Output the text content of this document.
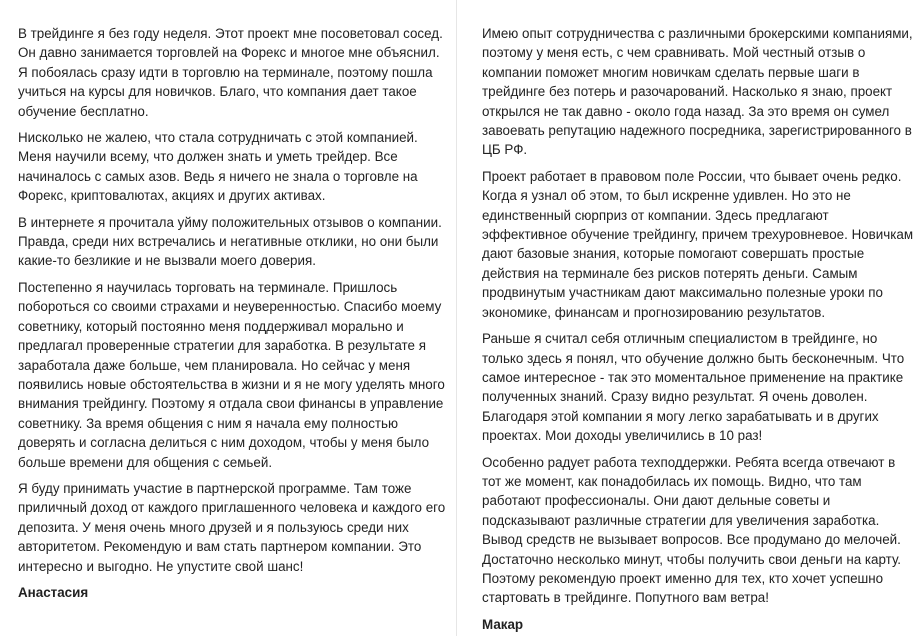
В трейдинге я без году неделя. Этот проект мне посоветовал сосед. Он давно занимается торговлей на Форекс и многое мне объяснил. Я побоялась сразу идти в торговлю на терминале, поэтому пошла учиться на курсы для новичков. Благо, что компания дает такое обучение бесплатно.

Нисколько не жалею, что стала сотрудничать с этой компанией. Меня научили всему, что должен знать и уметь трейдер. Все начиналось с самых азов. Ведь я ничего не знала о торговле на Форекс, криптовалютах, акциях и других активах.

В интернете я прочитала уйму положительных отзывов о компании. Правда, среди них встречались и негативные отклики, но они были какие-то безликие и не вызвали моего доверия.

Постепенно я научилась торговать на терминале. Пришлось побороться со своими страхами и неуверенностью. Спасибо моему советнику, который постоянно меня поддерживал морально и предлагал проверенные стратегии для заработка. В результате я заработала даже больше, чем планировала. Но сейчас у меня появились новые обстоятельства в жизни и я не могу уделять много внимания трейдингу. Поэтому я отдала свои финансы в управление советнику. За время общения с ним я начала ему полностью доверять и согласна делиться с ним доходом, чтобы у меня было больше времени для общения с семьей.

Я буду принимать участие в партнерской программе. Там тоже приличный доход от каждого приглашенного человека и каждого его депозита. У меня очень много друзей и я пользуюсь среди них авторитетом. Рекомендую и вам стать партнером компании. Это интересно и выгодно. Не упустите свой шанс!

Анастасия

Имею опыт сотрудничества с различными брокерскими компаниями, поэтому у меня есть, с чем сравнивать. Мой честный отзыв о компании поможет многим новичкам сделать первые шаги в трейдинге без потерь и разочарований. Насколько я знаю, проект открылся не так давно - около года назад. За это время он сумел завоевать репутацию надежного посредника, зарегистрированного в ЦБ РФ.

Проект работает в правовом поле России, что бывает очень редко. Когда я узнал об этом, то был искренне удивлен. Но это не единственный сюрприз от компании. Здесь предлагают эффективное обучение трейдингу, причем трехуровневое. Новичкам дают базовые знания, которые помогают совершать простые действия на терминале без рисков потерять деньги. Самым продвинутым участникам дают максимально полезные уроки по экономике, финансам и прогнозированию результатов.

Раньше я считал себя отличным специалистом в трейдинге, но только здесь я понял, что обучение должно быть бесконечным. Что самое интересное - так это моментальное применение на практике полученных знаний. Сразу видно результат. Я очень доволен. Благодаря этой компании я могу легко зарабатывать и в других проектах. Мои доходы увеличились в 10 раз!

Особенно радует работа техподдержки. Ребята всегда отвечают в тот же момент, как понадобилась их помощь. Видно, что там работают профессионалы. Они дают дельные советы и подсказывают различные стратегии для увеличения заработка. Вывод средств не вызывает вопросов. Все продумано до мелочей. Достаточно несколько минут, чтобы получить свои деньги на карту. Поэтому рекомендую проект именно для тех, кто хочет успешно стартовать в трейдинге. Попутного вам ветра!

Макар
